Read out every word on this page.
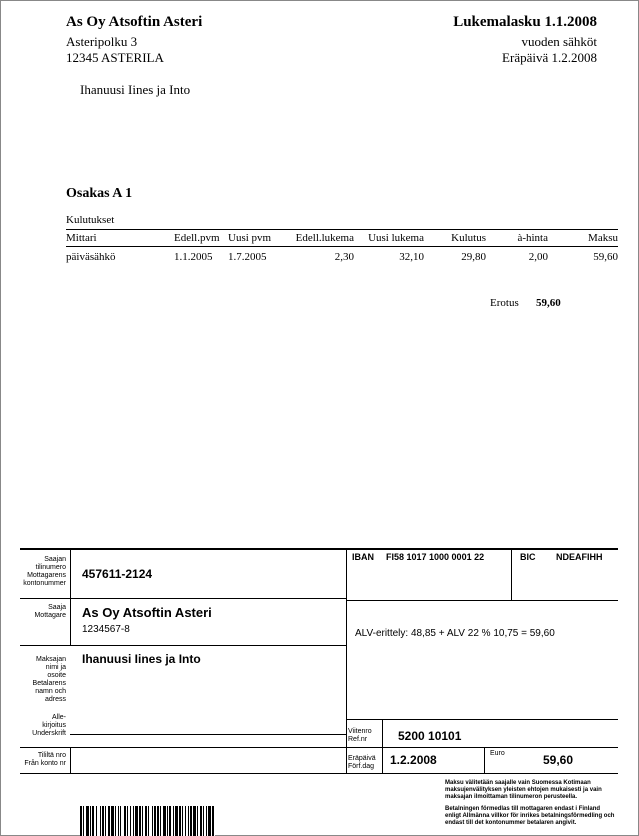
As Oy Atsoftin Asteri
Asteripolku 3
12345 ASTERILA
Lukemalasku 1.1.2008
vuoden sähköt
Eräpäivä 1.2.2008
Ihanuusi Iines ja Into
Osakas A 1
Kulutukset
Mittari	Edell.pvm	Uusi pvm	Edell.lukema	Uusi lukema	Kulutus	à-hinta	Maksu
päiväsähkö	1.1.2005	1.7.2005	2,30	32,10	29,80	2,00	59,60
Erotus 59,60
Saajan
tilinumero
Mottagarens
kontonummer
457611-2124
IBAN FI58 1017 1000 0001 22	BIC NDEAFIHH
Saaja
Mottagare As Oy Atsoftin Asteri
1234567-8	ALV-erittely: 48,85 + ALV 22 % 10,75 = 59,60
Maksajan
nimi ja
osoite
Betalarens
namn och
adress
Ihanuusi Iines ja Into
Alle-
kirjoitus
Underskrift	Viitenro
Ref.nr	5200 10101
Tililtä nro
Från konto nr
Eräpäivä
Förf.dag	1.2.2008	Euro	59,60
Maksu välitetään saajalle vain Suomessa Kotimaan maksujenvälityksen yleisten ehtojen mukaisesti ja vain maksajan ilmoittaman tilinumeron perusteella.
Betalningen förmedlas till mottagaren endast i Finland enligt Allmänna villkor för inrikes betalningsförmedling och endast till det kontonummer betalaren angivit.
